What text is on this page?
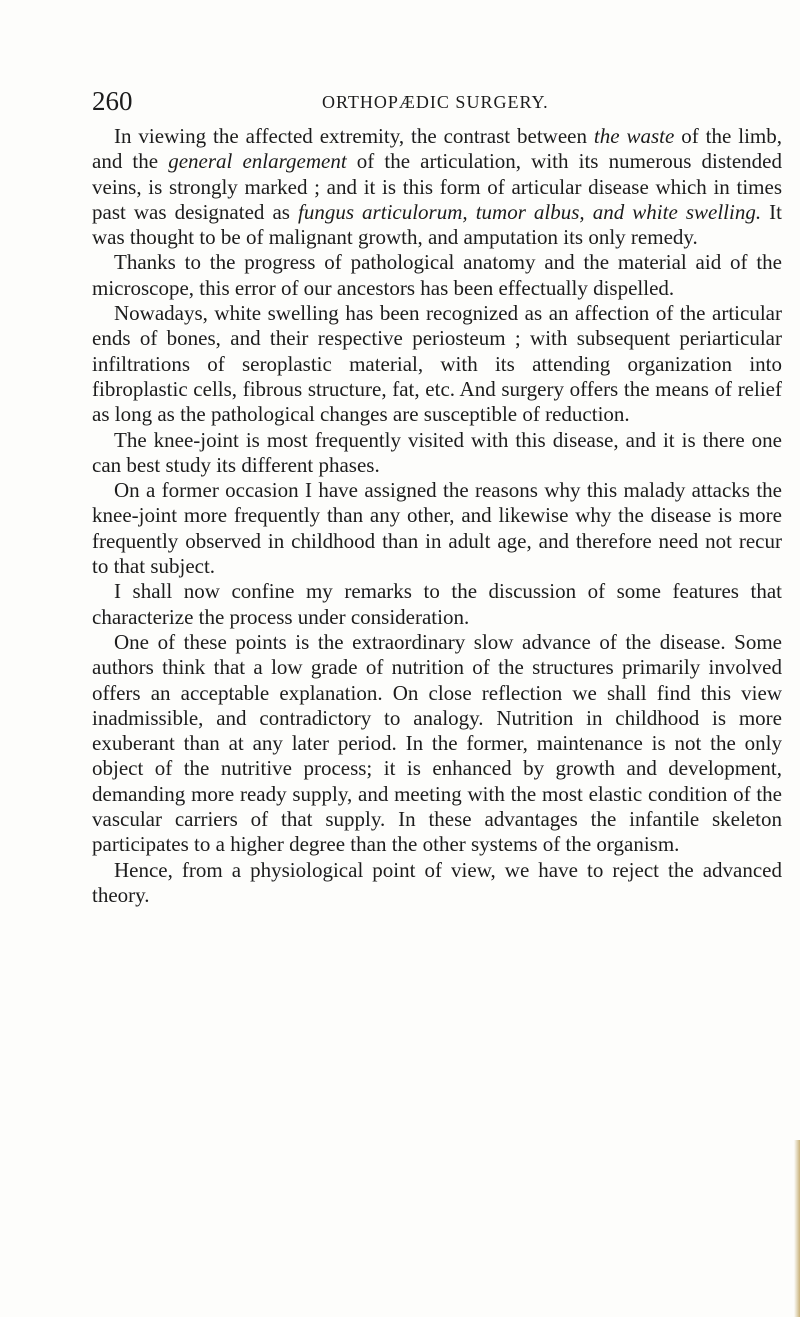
260	ORTHOPÆDIC SURGERY.

In viewing the affected extremity, the contrast between the waste of the limb, and the general enlargement of the articulation, with its numerous distended veins, is strongly marked ; and it is this form of articular disease which in times past was designated as fungus articulorum, tumor albus, and white swelling. It was thought to be of malignant growth, and amputation its only remedy.

Thanks to the progress of pathological anatomy and the material aid of the microscope, this error of our ancestors has been effectually dispelled.

Nowadays, white swelling has been recognized as an affection of the articular ends of bones, and their respective periosteum ; with subsequent periarticular infiltrations of seroplastic material, with its attending organization into fibroplastic cells, fibrous structure, fat, etc. And surgery offers the means of relief as long as the pathological changes are susceptible of reduction.

The knee-joint is most frequently visited with this disease, and it is there one can best study its different phases.

On a former occasion I have assigned the reasons why this malady attacks the knee-joint more frequently than any other, and likewise why the disease is more frequently observed in childhood than in adult age, and therefore need not recur to that subject.

I shall now confine my remarks to the discussion of some features that characterize the process under consideration.

One of these points is the extraordinary slow advance of the disease. Some authors think that a low grade of nutrition of the structures primarily involved offers an acceptable explanation. On close reflection we shall find this view inadmissible, and contradictory to analogy. Nutrition in childhood is more exuberant than at any later period. In the former, maintenance is not the only object of the nutritive process; it is enhanced by growth and development, demanding more ready supply, and meeting with the most elastic condition of the vascular carriers of that supply. In these advantages the infantile skeleton participates to a higher degree than the other systems of the organism.

Hence, from a physiological point of view, we have to reject the advanced theory.
